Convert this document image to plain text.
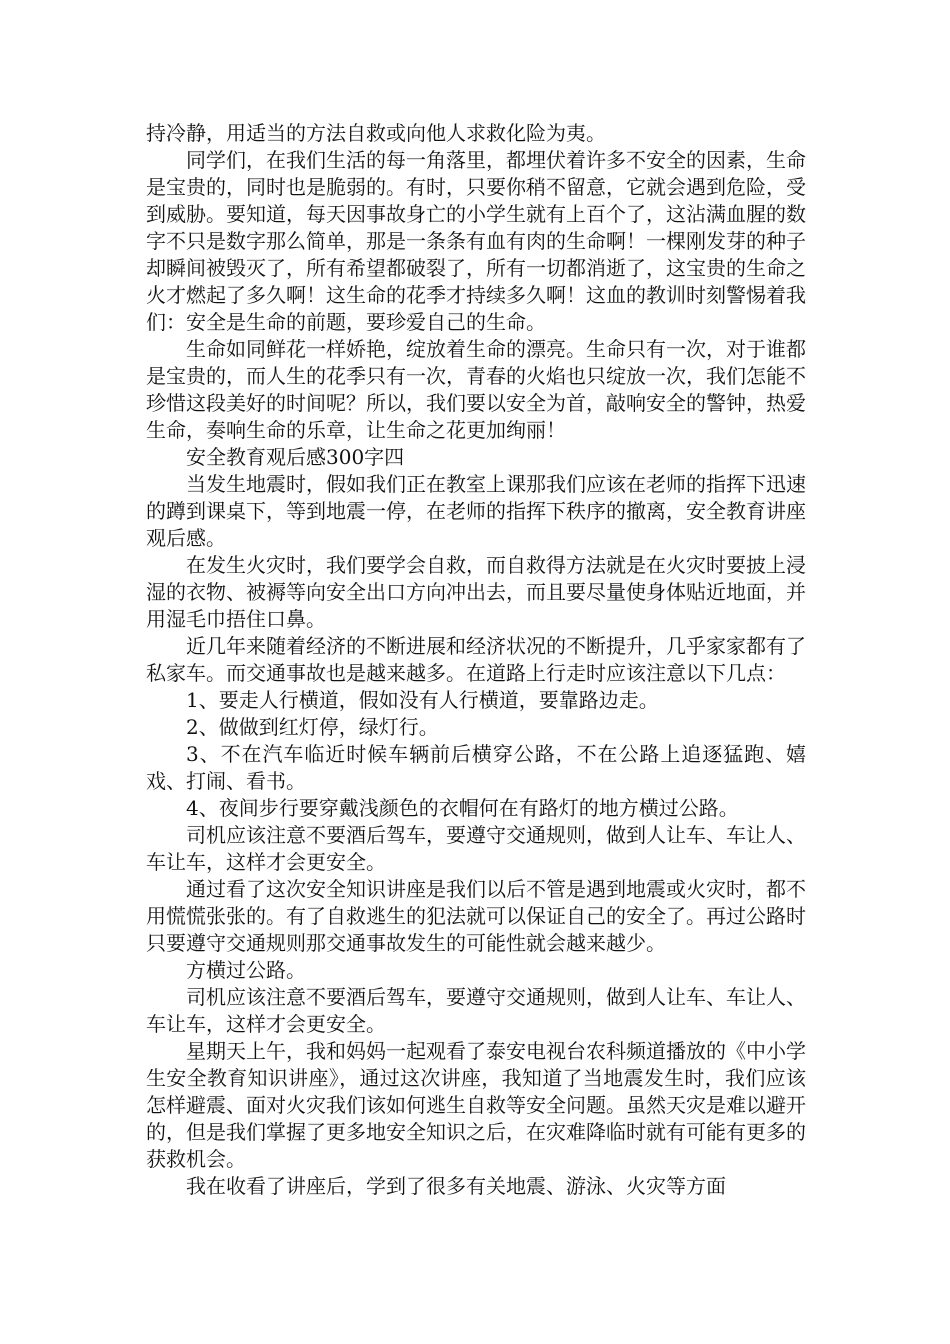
持冷静，用适当的方法自救或向他人求救化险为夷。

同学们，在我们生活的每一角落里，都埋伏着许多不安全的因素，生命是宝贵的，同时也是脆弱的。有时，只要你稍不留意，它就会遇到危险，受到威胁。要知道，每天因事故身亡的小学生就有上百个了，这沾满血腥的数字不只是数字那么简单，那是一条条有血有肉的生命啊！一棵刚发芽的种子却瞬间被毁灭了，所有希望都破裂了，所有一切都消逝了，这宝贵的生命之火才燃起了多久啊！这生命的花季才持续多久啊！这血的教训时刻警惕着我们：安全是生命的前题，要珍爱自己的生命。

生命如同鲜花一样娇艳，绽放着生命的漂亮。生命只有一次，对于谁都是宝贵的，而人生的花季只有一次，青春的火焰也只绽放一次，我们怎能不珍惜这段美好的时间呢？所以，我们要以安全为首，敲响安全的警钟，热爱生命，奏响生命的乐章，让生命之花更加绚丽！

安全教育观后感300字四

当发生地震时，假如我们正在教室上课那我们应该在老师的指挥下迅速的蹲到课桌下，等到地震一停，在老师的指挥下秩序的撤离，安全教育讲座观后感。

在发生火灾时，我们要学会自救，而自救得方法就是在火灾时要披上浸湿的衣物、被褥等向安全出口方向冲出去，而且要尽量使身体贴近地面，并用湿毛巾捂住口鼻。

近几年来随着经济的不断进展和经济状况的不断提升，几乎家家都有了私家车。而交通事故也是越来越多。在道路上行走时应该注意以下几点：

1、要走人行横道，假如没有人行横道，要靠路边走。

2、做做到红灯停，绿灯行。

3、不在汽车临近时候车辆前后横穿公路，不在公路上追逐猛跑、嬉戏、打闹、看书。

4、夜间步行要穿戴浅颜色的衣帽何在有路灯的地方横过公路。

司机应该注意不要酒后驾车，要遵守交通规则，做到人让车、车让人、车让车，这样才会更安全。

通过看了这次安全知识讲座是我们以后不管是遇到地震或火灾时，都不用慌慌张张的。有了自救逃生的犯法就可以保证自己的安全了。再过公路时只要遵守交通规则那交通事故发生的可能性就会越来越少。

方横过公路。

司机应该注意不要酒后驾车，要遵守交通规则，做到人让车、车让人、车让车，这样才会更安全。

星期天上午，我和妈妈一起观看了泰安电视台农科频道播放的《中小学生安全教育知识讲座》，通过这次讲座，我知道了当地震发生时，我们应该怎样避震、面对火灾我们该如何逃生自救等安全问题。虽然天灾是难以避开的，但是我们掌握了更多地安全知识之后，在灾难降临时就有可能有更多的获救机会。

我在收看了讲座后，学到了很多有关地震、游泳、火灾等方面
